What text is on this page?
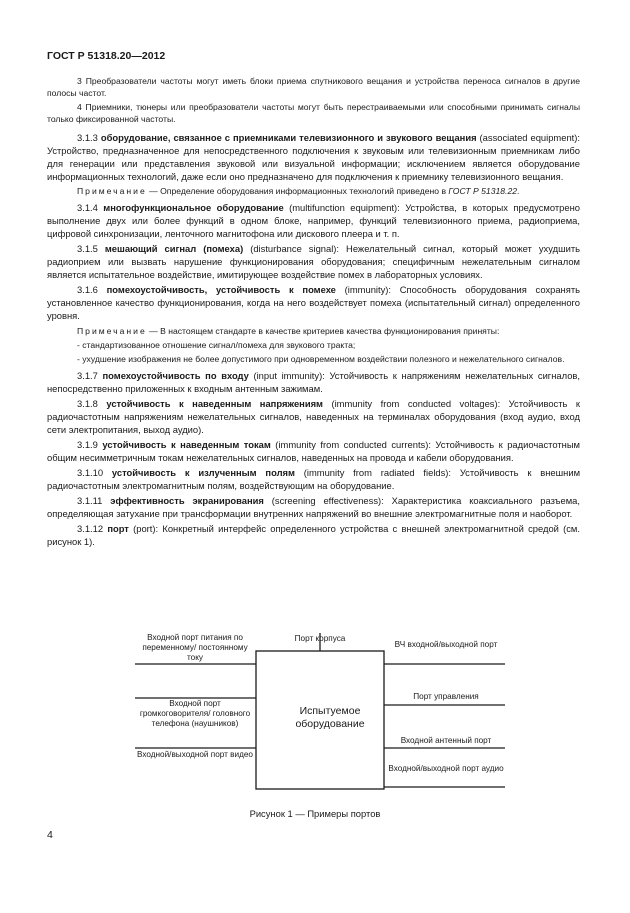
ГОСТ Р 51318.20—2012

3 Преобразователи частоты могут иметь блоки приема спутникового вещания и устройства переноса сигналов в другие полосы частот.

4 Приемники, тюнеры или преобразователи частоты могут быть перестраиваемыми или способными принимать сигналы только фиксированной частоты.

3.1.3 оборудование, связанное с приемниками телевизионного и звукового вещания (associated equipment): Устройство, предназначенное для непосредственного подключения к звуковым или телевизионным приемникам либо для генерации или представления звуковой или визуальной информации; исключением является оборудование информационных технологий, даже если оно предназначено для подключения к приемнику телевизионного вещания.

Примечание — Определение оборудования информационных технологий приведено в ГОСТ Р 51318.22.

3.1.4 многофункциональное оборудование (multifunction equipment): Устройства, в которых предусмотрено выполнение двух или более функций в одном блоке, например, функций телевизионного приема, радиоприема, цифровой синхронизации, ленточного магнитофона или дискового плеера и т. п.

3.1.5 мешающий сигнал (помеха) (disturbance signal): Нежелательный сигнал, который может ухудшить радиоприем или вызвать нарушение функционирования оборудования; специфичным нежелательным сигналом является испытательное воздействие, имитирующее воздействие помех в лабораторных условиях.

3.1.6 помехоустойчивость, устойчивость к помехе (immunity): Способность оборудования сохранять установленное качество функционирования, когда на него воздействует помеха (испытательный сигнал) определенного уровня.

Примечание — В настоящем стандарте в качестве критериев качества функционирования приняты:

- стандартизованное отношение сигнал/помеха для звукового тракта;

- ухудшение изображения не более допустимого при одновременном воздействии полезного и нежелательного сигналов.

3.1.7 помехоустойчивость по входу (input immunity): Устойчивость к напряжениям нежелательных сигналов, непосредственно приложенных к входным антенным зажимам.

3.1.8 устойчивость к наведенным напряжениям (immunity from conducted voltages): Устойчивость к радиочастотным напряжениям нежелательных сигналов, наведенных на терминалах оборудования (вход аудио, вход сети электропитания, выход аудио).

3.1.9 устойчивость к наведенным токам (immunity from conducted currents): Устойчивость к радиочастотным общим несимметричным токам нежелательных сигналов, наведенных на провода и кабели оборудования.

3.1.10 устойчивость к излученным полям (immunity from radiated fields): Устойчивость к внешним радиочастотным электромагнитным полям, воздействующим на оборудование.

3.1.11 эффективность экранирования (screening effectiveness): Характеристика коаксиального разъема, определяющая затухание при трансформации внутренних напряжений во внешние электромагнитные поля и наоборот.

3.1.12 порт (port): Конкретный интерфейс определенного устройства с внешней электромагнитной средой (см. рисунок 1).

Входной порт питания по переменному/ постоянному току
Входной порт громкоговорителя/ головного телефона (наушников)
Входной/выходной порт видео
Порт корпуса
ВЧ входной/выходной порт
Порт управления
Входной антенный порт
Входной/выходной порт аудио
Испытуемое оборудование
Рисунок 1 — Примеры портов
4
